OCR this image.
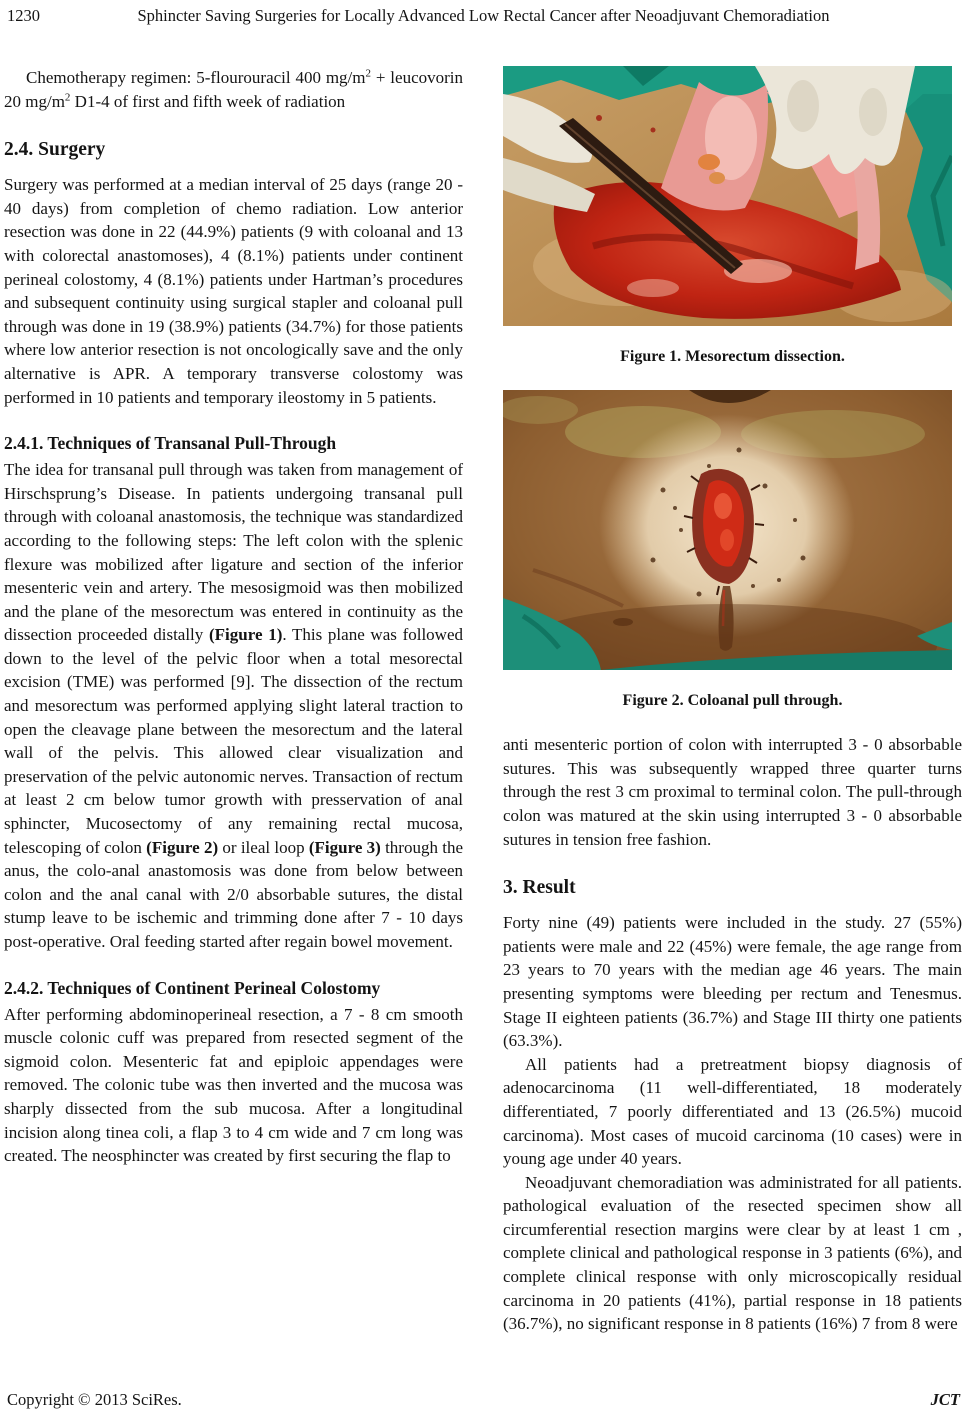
1230	Sphincter Saving Surgeries for Locally Advanced Low Rectal Cancer after Neoadjuvant Chemoradiation

Chemotherapy regimen: 5-flourouracil 400 $mg/m^2$ + leucovorin 20 $mg/m^2$ D1-4 of first and fifth week of radiation

2.4. Surgery

Surgery was performed at a median interval of 25 days (range 20 - 40 days) from completion of chemo radiation. Low anterior resection was done in 22 (44.9%) patients (9 with coloanal and 13 with colorectal anastomoses), 4 (8.1%) patients under continent perineal colostomy, 4 (8.1%) patients under Hartman’s procedures and subsequent continuity using surgical stapler and coloanal pull through was done in 19 (38.9%) patients (34.7%) for those patients where low anterior resection is not oncologically save and the only alternative is APR. A temporary transverse colostomy was performed in 10 patients and temporary ileostomy in 5 patients.

2.4.1. Techniques of Transanal Pull-Through

The idea for transanal pull through was taken from management of Hirschsprung’s Disease. In patients undergoing transanal pull through with coloanal anastomosis, the technique was standardized according to the following steps: The left colon with the splenic flexure was mobilized after ligature and section of the inferior mesenteric vein and artery. The mesosigmoid was then mobilized and the plane of the mesorectum was entered in continuity as the dissection proceeded distally (Figure 1). This plane was followed down to the level of the pelvic floor when a total mesorectal excision (TME) was performed [9]. The dissection of the rectum and mesorectum was performed applying slight lateral traction to open the cleavage plane between the mesorectum and the lateral wall of the pelvis. This allowed clear visualization and preservation of the pelvic autonomic nerves. Transaction of rectum at least 2 cm below tumor growth with presservation of anal sphincter, Mucosectomy of any remaining rectal mucosa, telescoping of colon (Figure 2) or ileal loop (Figure 3) through the anus, the colo-anal anastomosis was done from below between colon and the anal canal with 2/0 absorbable sutures, the distal stump leave to be ischemic and trimming done after 7 - 10 days post-operative. Oral feeding started after regain bowel movement.

2.4.2. Techniques of Continent Perineal Colostomy

After performing abdominoperineal resection, a 7 - 8 cm smooth muscle colonic cuff was prepared from resected segment of the sigmoid colon. Mesenteric fat and epiploic appendages were removed. The colonic tube was then inverted and the mucosa was sharply dissected from the sub mucosa. After a longitudinal incision along tinea coli, a flap 3 to 4 cm wide and 7 cm long was created. The neosphincter was created by first securing the flap to

Figure 1. Mesorectum dissection.
Figure 2. Coloanal pull through.

anti mesenteric portion of colon with interrupted 3 - 0 absorbable sutures. This was subsequently wrapped three quarter turns through the rest 3 cm proximal to terminal colon. The pull-through colon was matured at the skin using interrupted 3 - 0 absorbable sutures in tension free fashion.

3. Result

Forty nine (49) patients were included in the study. 27 (55%) patients were male and 22 (45%) were female, the age range from 23 years to 70 years with the median age 46 years. The main presenting symptoms were bleeding per rectum and Tenesmus. Stage II eighteen patients (36.7%) and Stage III thirty one patients (63.3%).

All patients had a pretreatment biopsy diagnosis of adenocarcinoma (11 well-differentiated, 18 moderately differentiated, 7 poorly differentiated and 13 (26.5%) mucoid carcinoma). Most cases of mucoid carcinoma (10 cases) were in young age under 40 years.

Neoadjuvant chemoradiation was administrated for all patients. pathological evaluation of the resected specimen show all circumferential resection margins were clear by at least 1 cm , complete clinical and pathological response in 3 patients (6%), and complete clinical response with only microscopically residual carcinoma in 20 patients (41%), partial response in 18 patients (36.7%), no significant response in 8 patients (16%) 7 from 8 were

Copyright © 2013 SciRes.	JCT
